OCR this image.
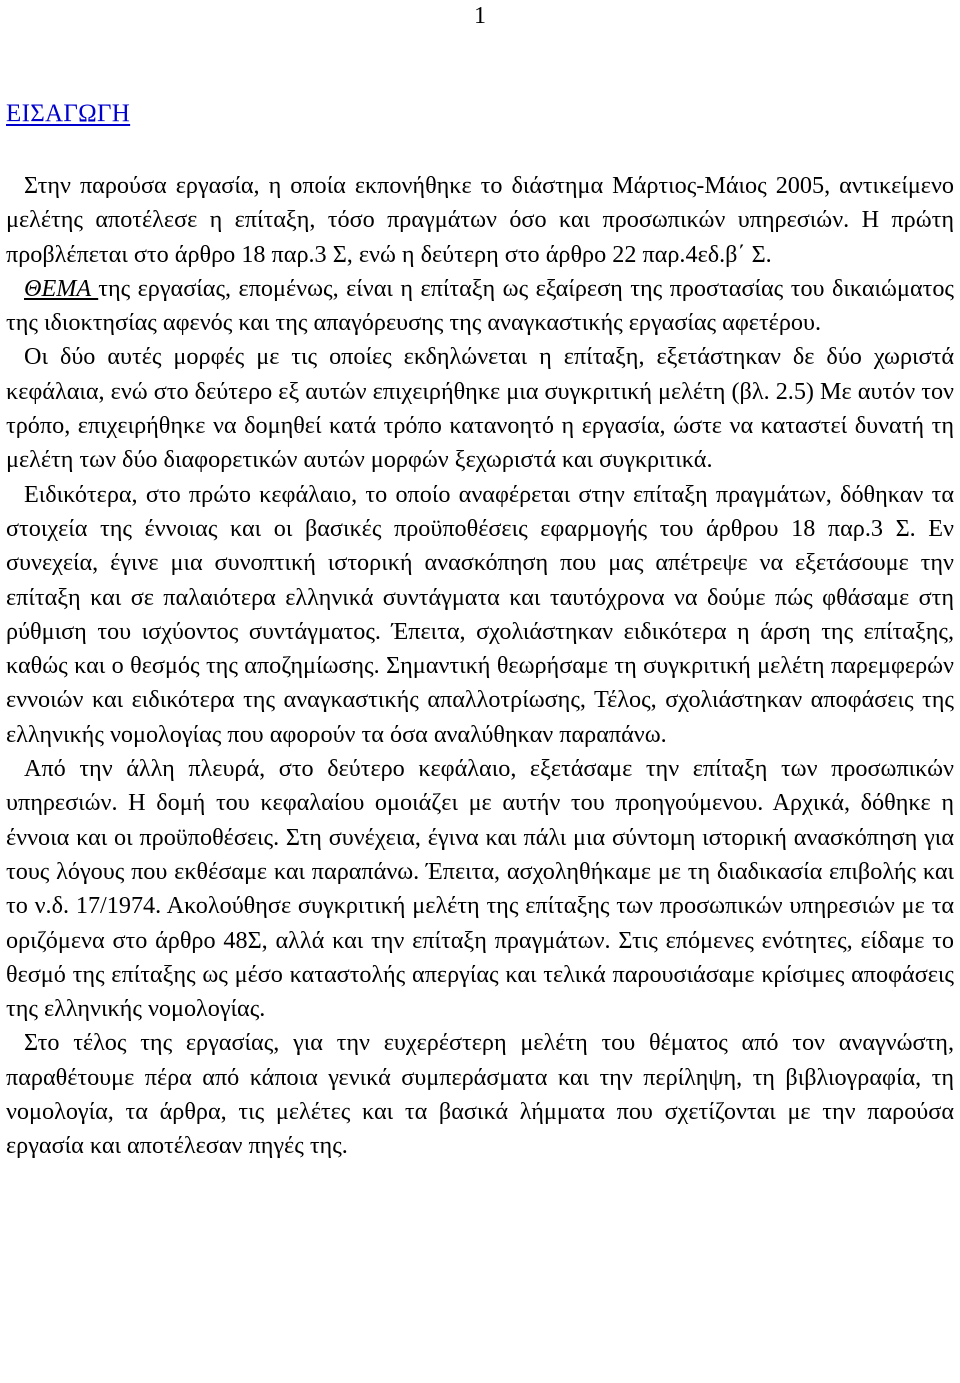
1
ΕΙΣΑΓΩΓΗ

Στην παρούσα εργασία, η οποία εκπονήθηκε το διάστημα Μάρτιος-Μάιος 2005, αντικείμενο μελέτης αποτέλεσε η επίταξη, τόσο πραγμάτων όσο και προσωπικών υπηρεσιών. Η πρώτη προβλέπεται στο άρθρο 18 παρ.3 Σ, ενώ η δεύτερη στο άρθρο 22 παρ.4εδ.β΄ Σ.

ΘΕΜΑ της εργασίας, επομένως, είναι η επίταξη ως εξαίρεση της προστασίας του δικαιώματος της ιδιοκτησίας αφενός και της απαγόρευσης της αναγκαστικής εργασίας αφετέρου.

Οι δύο αυτές μορφές με τις οποίες εκδηλώνεται η επίταξη, εξετάστηκαν δε δύο χωριστά κεφάλαια, ενώ στο δεύτερο εξ αυτών επιχειρήθηκε μια συγκριτική μελέτη (βλ. 2.5) Με αυτόν τον τρόπο, επιχειρήθηκε να δομηθεί κατά τρόπο κατανοητό η εργασία, ώστε να καταστεί δυνατή τη μελέτη των δύο διαφορετικών αυτών μορφών ξεχωριστά και συγκριτικά.

Ειδικότερα, στο πρώτο κεφάλαιο, το οποίο αναφέρεται στην επίταξη πραγμάτων, δόθηκαν τα στοιχεία της έννοιας και οι βασικές προϋποθέσεις εφαρμογής του άρθρου 18 παρ.3 Σ. Εν συνεχεία, έγινε μια συνοπτική ιστορική ανασκόπηση που μας απέτρεψε να εξετάσουμε την επίταξη και σε παλαιότερα ελληνικά συντάγματα και ταυτόχρονα να δούμε πώς φθάσαμε στη ρύθμιση του ισχύοντος συντάγματος. Έπειτα, σχολιάστηκαν ειδικότερα η άρση της επίταξης, καθώς και ο θεσμός της αποζημίωσης. Σημαντική θεωρήσαμε τη συγκριτική μελέτη παρεμφερών εννοιών και ειδικότερα της αναγκαστικής απαλλοτρίωσης, Τέλος, σχολιάστηκαν αποφάσεις της ελληνικής νομολογίας που αφορούν τα όσα αναλύθηκαν παραπάνω.

Από την άλλη πλευρά, στο δεύτερο κεφάλαιο, εξετάσαμε την επίταξη των προσωπικών υπηρεσιών. Η δομή του κεφαλαίου ομοιάζει με αυτήν του προηγούμενου. Αρχικά, δόθηκε η έννοια και οι προϋποθέσεις. Στη συνέχεια, έγινα και πάλι μια σύντομη ιστορική ανασκόπηση για τους λόγους που εκθέσαμε και παραπάνω. Έπειτα, ασχοληθήκαμε με τη διαδικασία επιβολής και το ν.δ. 17/1974. Ακολούθησε συγκριτική μελέτη της επίταξης των προσωπικών υπηρεσιών με τα οριζόμενα στο άρθρο 48Σ, αλλά και την επίταξη πραγμάτων. Στις επόμενες ενότητες, είδαμε το θεσμό της επίταξης ως μέσο καταστολής απεργίας και τελικά παρουσιάσαμε κρίσιμες αποφάσεις της ελληνικής νομολογίας.

Στο τέλος της εργασίας, για την ευχερέστερη μελέτη του θέματος από τον αναγνώστη, παραθέτουμε πέρα από κάποια γενικά συμπεράσματα και την περίληψη, τη βιβλιογραφία, τη νομολογία, τα άρθρα, τις μελέτες και τα βασικά λήμματα που σχετίζονται με την παρούσα εργασία και αποτέλεσαν πηγές της.
